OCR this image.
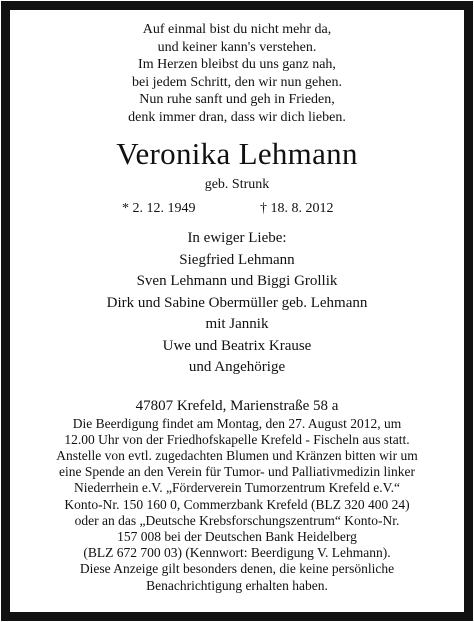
Auf einmal bist du nicht mehr da,
und keiner kann's verstehen.
Im Herzen bleibst du uns ganz nah,
bei jedem Schritt, den wir nun gehen.
Nun ruhe sanft und geh in Frieden,
denk immer dran, dass wir dich lieben.
Veronika Lehmann
geb. Strunk
* 2. 12. 1949	† 18. 8. 2012
In ewiger Liebe:
Siegfried Lehmann
Sven Lehmann und Biggi Grollik
Dirk und Sabine Obermüller geb. Lehmann
mit Jannik
Uwe und Beatrix Krause
und Angehörige
47807 Krefeld, Marienstraße 58 a
Die Beerdigung findet am Montag, den 27. August 2012, um
12.00 Uhr von der Friedhofskapelle Krefeld - Fischeln aus statt.
Anstelle von evtl. zugedachten Blumen und Kränzen bitten wir um
eine Spende an den Verein für Tumor- und Palliativmedizin linker
Niederrhein e.V. „Förderverein Tumorzentrum Krefeld e.V.“
Konto-Nr. 150 160 0, Commerzbank Krefeld (BLZ 320 400 24)
oder an das „Deutsche Krebsforschungszentrum“ Konto-Nr.
157 008 bei der Deutschen Bank Heidelberg
(BLZ 672 700 03) (Kennwort: Beerdigung V. Lehmann).
Diese Anzeige gilt besonders denen, die keine persönliche
Benachrichtigung erhalten haben.
